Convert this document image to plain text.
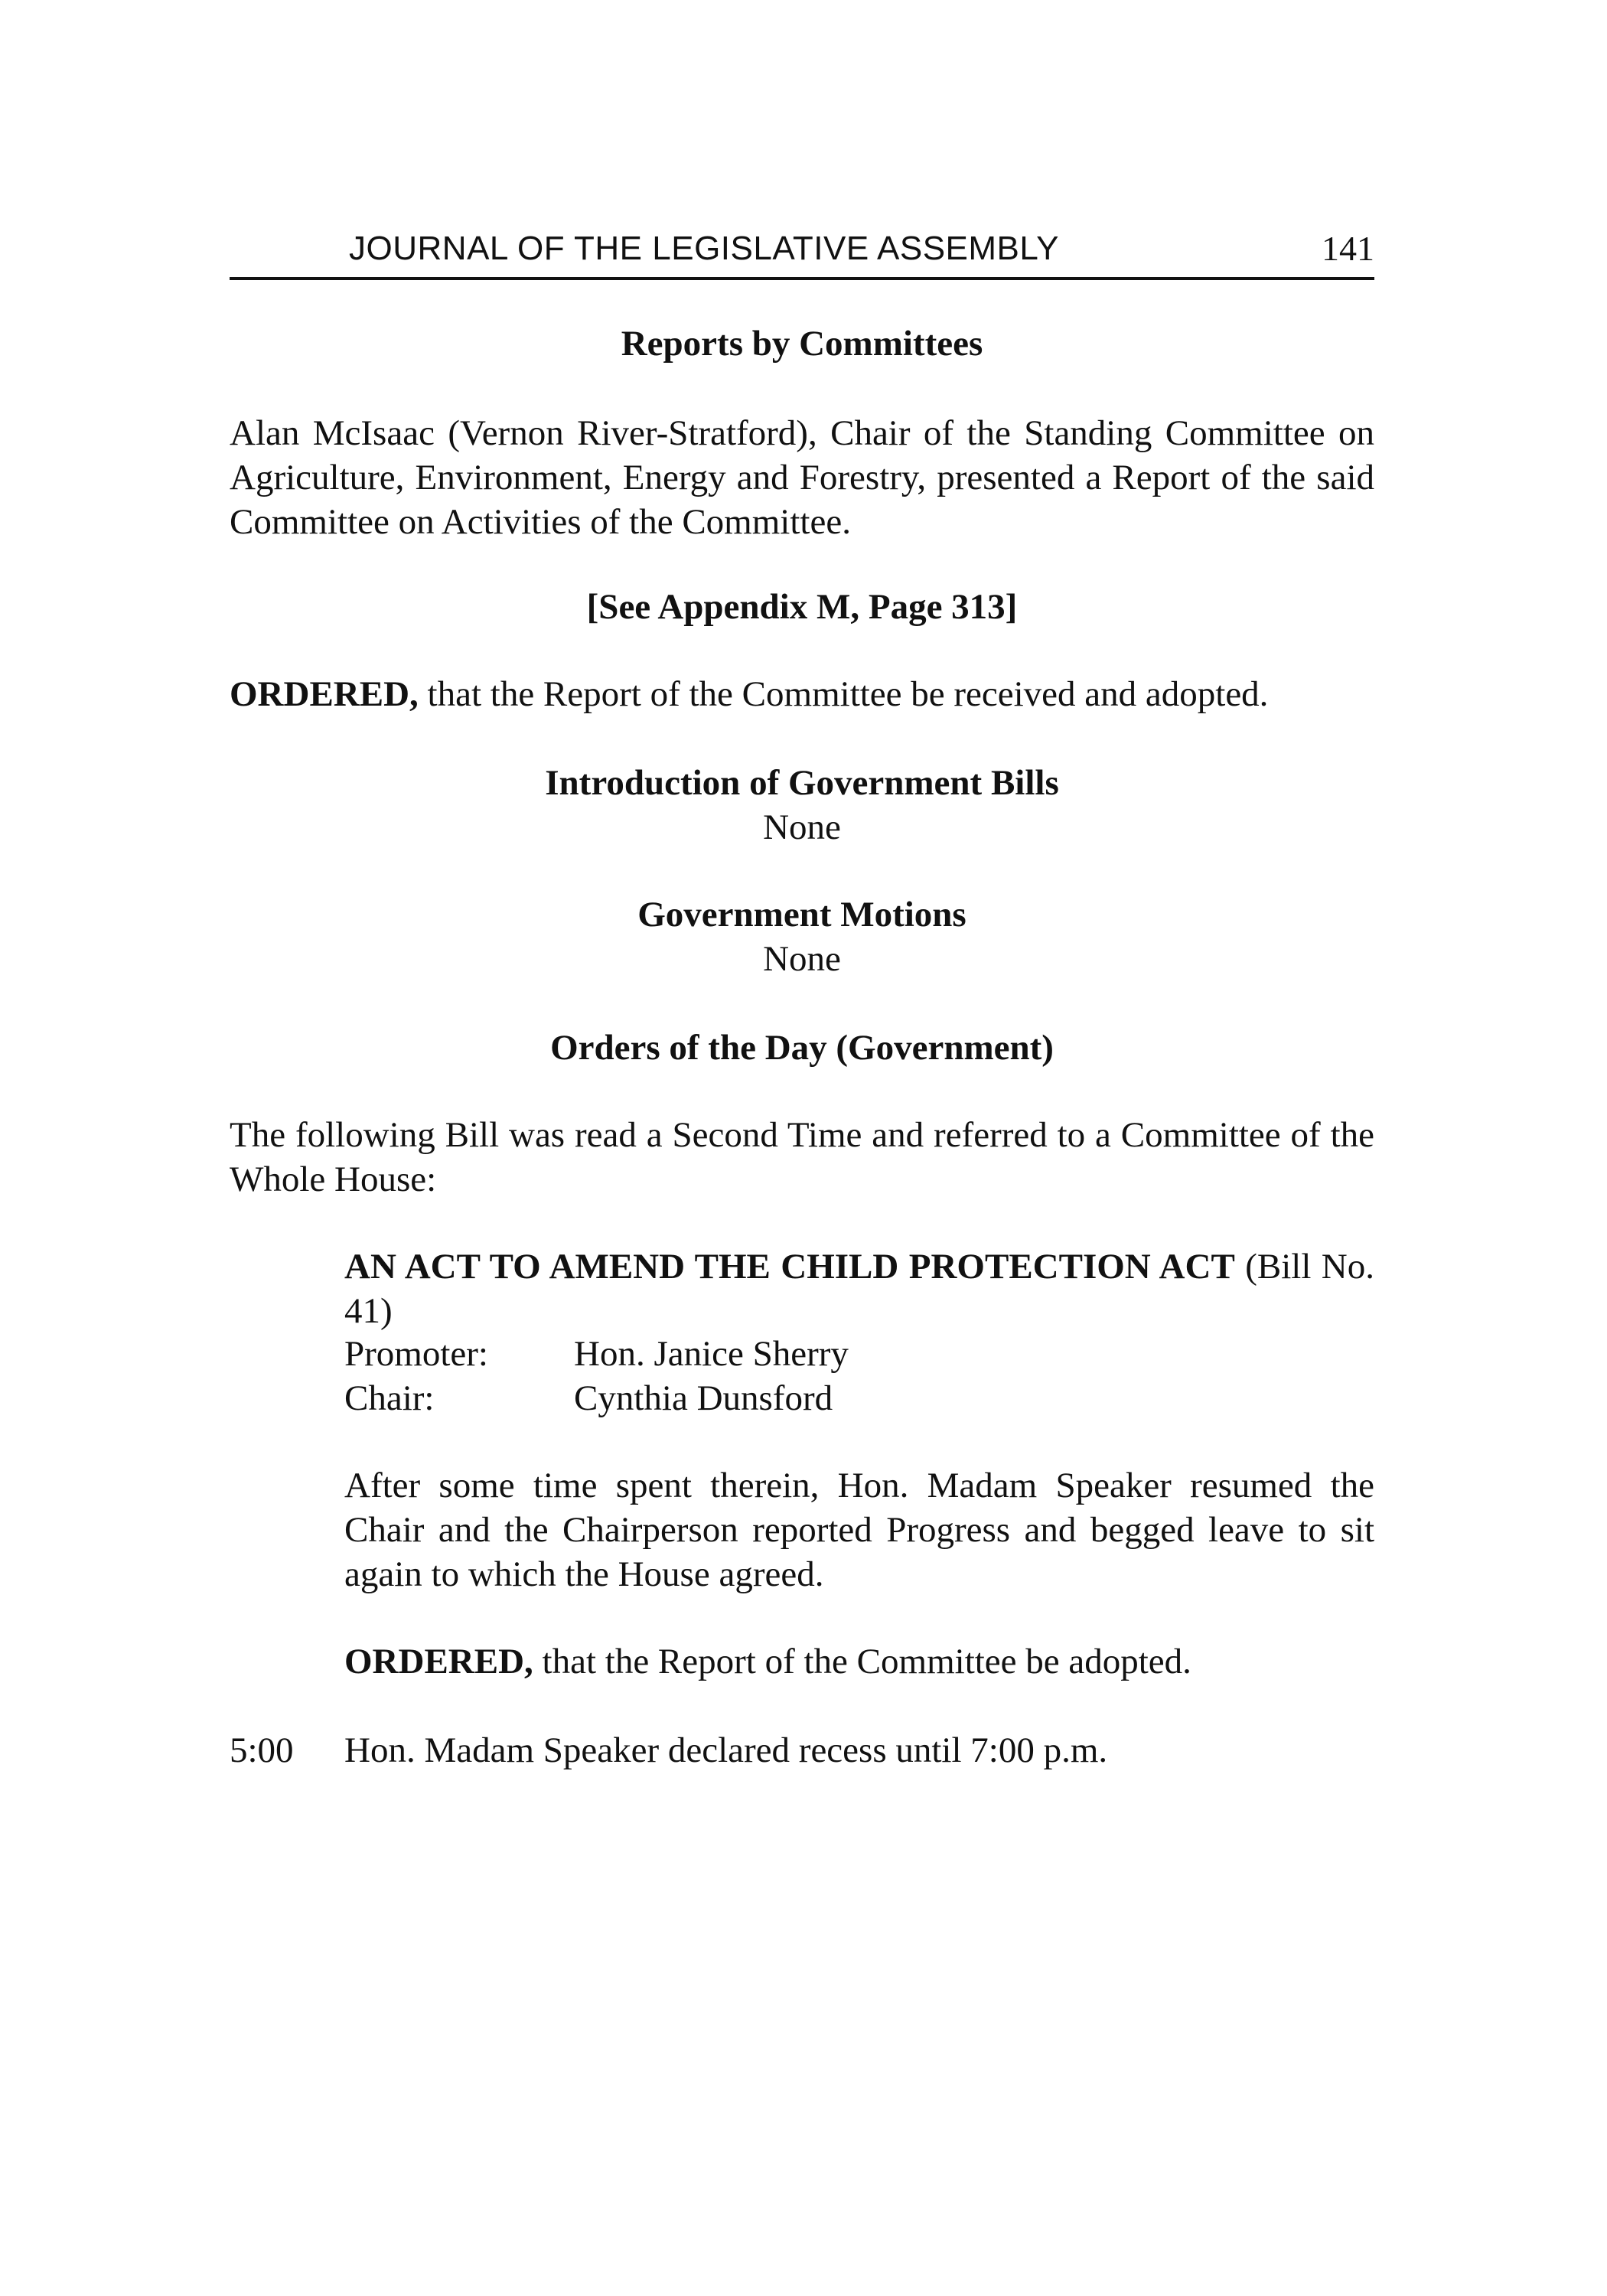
JOURNAL OF THE LEGISLATIVE ASSEMBLY	141
Reports by Committees
Alan McIsaac (Vernon River-Stratford), Chair of the Standing Committee on Agriculture, Environment, Energy and Forestry, presented a Report of the said Committee on Activities of the Committee.
[See Appendix M, Page 313]
ORDERED, that the Report of the Committee be received and adopted.
Introduction of Government Bills
None
Government Motions
None
Orders of the Day (Government)
The following Bill was read a Second Time and referred to a Committee of the Whole House:
AN ACT TO AMEND THE CHILD PROTECTION ACT (Bill No. 41)
Promoter: Hon. Janice Sherry
Chair:	Cynthia Dunsford
After some time spent therein, Hon. Madam Speaker resumed the Chair and the Chairperson reported Progress and begged leave to sit again to which the House agreed.
ORDERED, that the Report of the Committee be adopted.
5:00 Hon. Madam Speaker declared recess until 7:00 p.m.
